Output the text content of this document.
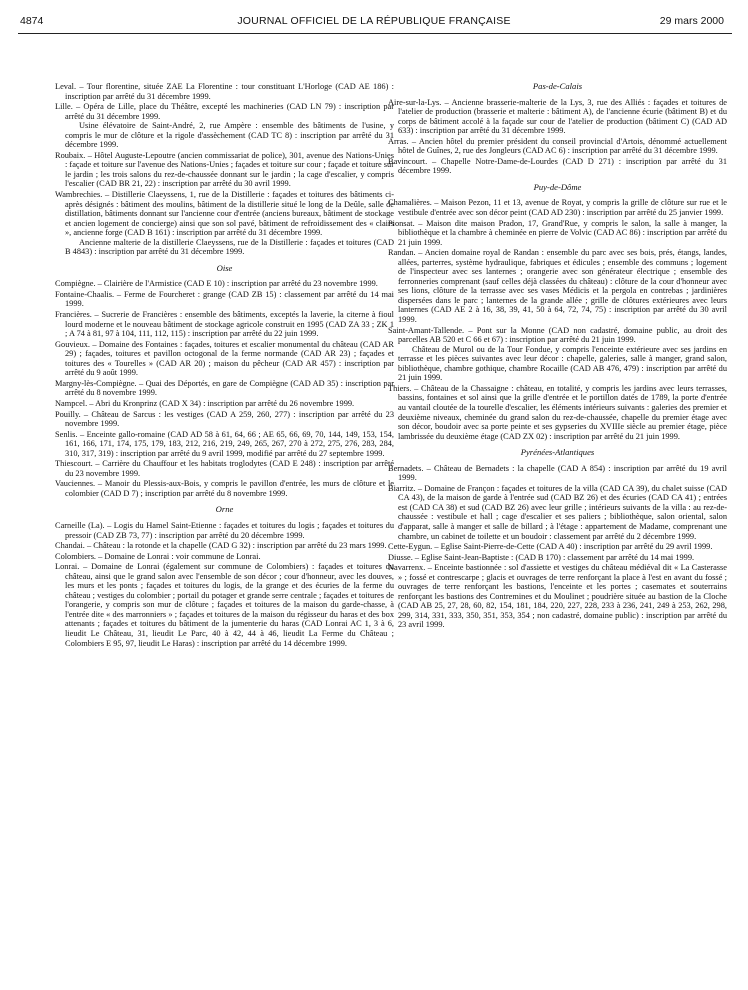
4874	JOURNAL OFFICIEL DE LA RÉPUBLIQUE FRANÇAISE	29 mars 2000

Leval. – Tour florentine, située ZAE La Florentine : tour constituant L'Horloge (CAD AE 186) : inscription par arrêté du 31 décembre 1999.

Lille. – Opéra de Lille, place du Théâtre, excepté les machineries (CAD LN 79) : inscription par arrêté du 31 décembre 1999.

Usine élévatoire de Saint-André, 2, rue Ampère : ensemble des bâtiments de l'usine, y compris le mur de clôture et la rigole d'assèchement (CAD TC 8) : inscription par arrêté du 31 décembre 1999.

Roubaix. – Hôtel Auguste-Lepoutre (ancien commissariat de police), 301, avenue des Nations-Unies : façade et toiture sur l'avenue des Nations-Unies ; façades et toiture sur cour ; façade et toiture sur le jardin ; les trois salons du rez-de-chaussée donnant sur le jardin ; la cage d'escalier, y compris l'escalier (CAD BR 21, 22) : inscription par arrêté du 30 avril 1999.

Wambrechies. – Distillerie Claeyssens, 1, rue de la Distillerie : façades et toitures des bâtiments ci-après désignés : bâtiment des moulins, bâtiment de la distillerie situé le long de la Deûle, salle de distillation, bâtiments donnant sur l'ancienne cour d'entrée (anciens bureaux, bâtiment de stockage et ancien logement de concierge) ainsi que son sol pavé, bâtiment de refroidissement des « clairs », ancienne forge (CAD B 161) : inscription par arrêté du 31 décembre 1999.

Ancienne malterie de la distillerie Claeyssens, rue de la Distillerie : façades et toitures (CAD B 4843) : inscription par arrêté du 31 décembre 1999.

Oise

Compiègne. – Clairière de l'Armistice (CAD E 10) : inscription par arrêté du 23 novembre 1999.

Fontaine-Chaalis. – Ferme de Fourcheret : grange (CAD ZB 15) : classement par arrêté du 14 mai 1999.

Francières. – Sucrerie de Francières : ensemble des bâtiments, exceptés la laverie, la citerne à fioul lourd moderne et le nouveau bâtiment de stockage agricole construit en 1995 (CAD ZA 33 ; ZK 1 ; A 74 à 81, 97 à 104, 111, 112, 115) : inscription par arrêté du 22 juin 1999.

Gouvieux. – Domaine des Fontaines : façades, toitures et escalier monumental du château (CAD AR 29) ; façades, toitures et pavillon octogonal de la ferme normande (CAD AR 23) ; façades et toitures des « Tourelles » (CAD AR 20) ; maison du pêcheur (CAD AR 457) : inscription par arrêté du 9 août 1999.

Margny-lès-Compiègne. – Quai des Déportés, en gare de Compiègne (CAD AD 35) : inscription par arrêté du 8 novembre 1999.

Nampcel. – Abri du Kronprinz (CAD X 34) : inscription par arrêté du 26 novembre 1999.

Pouilly. – Château de Sarcus : les vestiges (CAD A 259, 260, 277) : inscription par arrêté du 23 novembre 1999.

Senlis. – Enceinte gallo-romaine (CAD AD 58 à 61, 64, 66 ; AE 65, 66, 69, 70, 144, 149, 153, 154, 161, 166, 171, 174, 175, 179, 183, 212, 216, 219, 249, 265, 267, 270 à 272, 275, 276, 283, 284, 310, 317, 319) : inscription par arrêté du 9 avril 1999, modifié par arrêté du 27 septembre 1999.

Thiescourt. – Carrière du Chauffour et les habitats troglodytes (CAD E 248) : inscription par arrêté du 23 novembre 1999.

Vauciennes. – Manoir du Plessis-aux-Bois, y compris le pavillon d'entrée, les murs de clôture et le colombier (CAD D 7) ; inscription par arrêté du 8 novembre 1999.

Orne

Carneille (La). – Logis du Hamel Saint-Etienne : façades et toitures du logis ; façades et toitures du pressoir (CAD ZB 73, 77) : inscription par arrêté du 20 décembre 1999.

Chandai. – Château : la rotonde et la chapelle (CAD G 32) : inscription par arrêté du 23 mars 1999.

Colombiers. – Domaine de Lonrai : voir commune de Lonrai.

Lonrai. – Domaine de Lonrai (également sur commune de Colombiers) : façades et toitures du château, ainsi que le grand salon avec l'ensemble de son décor ; cour d'honneur, avec les douves, les murs et les ponts ; façades et toitures du logis, de la grange et des écuries de la ferme du château ; vestiges du colombier ; portail du potager et grande serre centrale ; façades et toitures de l'orangerie, y compris son mur de clôture ; façades et toitures de la maison du garde-chasse, à l'entrée dite « des marronniers » ; façades et toitures de la maison du régisseur du haras et des box attenants ; façades et toitures du bâtiment de la jumenterie du haras (CAD Lonrai AC 1, 3 à 6, lieudit Le Château, 31, lieudit Le Parc, 40 à 42, 44 à 46, lieudit La Ferme du Château ; Colombiers E 95, 97, lieudit Le Haras) : inscription par arrêté du 14 décembre 1999.

Pas-de-Calais

Aire-sur-la-Lys. – Ancienne brasserie-malterie de la Lys, 3, rue des Alliés : façades et toitures de l'atelier de production (brasserie et malterie : bâtiment A), de l'ancienne écurie (bâtiment B) et du corps de bâtiment accolé à la façade sur cour de l'atelier de production (bâtiment C) (CAD AD 633) : inscription par arrêté du 31 décembre 1999.

Arras. – Ancien hôtel du premier président du conseil provincial d'Artois, dénommé actuellement hôtel de Guînes, 2, rue des Jongleurs (CAD AC 6) : inscription par arrêté du 31 décembre 1999.

Bavincourt. – Chapelle Notre-Dame-de-Lourdes (CAD D 271) : inscription par arrêté du 31 décembre 1999.

Puy-de-Dôme

Chamalières. – Maison Pezon, 11 et 13, avenue de Royat, y compris la grille de clôture sur rue et le vestibule d'entrée avec son décor peint (CAD AD 230) : inscription par arrêté du 25 janvier 1999.

Pionsat. – Maison dite maison Pradon, 17, Grand'Rue, y compris le salon, la salle à manger, la bibliothèque et la chambre à cheminée en pierre de Volvic (CAD AC 86) : inscription par arrêté du 21 juin 1999.

Randan. – Ancien domaine royal de Randan : ensemble du parc avec ses bois, prés, étangs, landes, allées, parterres, système hydraulique, fabriques et édicules ; ensemble des communs ; logement de l'inspecteur avec ses lanternes ; orangerie avec son générateur électrique ; ensemble des ferronneries comprenant (sauf celles déjà classées du château) : clôture de la cour d'honneur avec ses lions, clôture de la terrasse avec ses vases Médicis et la pergola en contrebas ; jardinières dispersées dans le parc ; lanternes de la grande allée ; grille de clôtures extérieures avec leurs lanternes (CAD AE 2 à 16, 38, 39, 41, 50 à 64, 72, 74, 75) : inscription par arrêté du 30 avril 1999.

Saint-Amant-Tallende. – Pont sur la Monne (CAD non cadastré, domaine public, au droit des parcelles AB 520 et C 66 et 67) : inscription par arrêté du 21 juin 1999.

Château de Murol ou de la Tour Fondue, y compris l'enceinte extérieure avec ses jardins en terrasse et les pièces suivantes avec leur décor : chapelle, galeries, salle à manger, grand salon, bibliothèque, chambre gothique, chambre Rocaille (CAD AB 476, 479) : inscription par arrêté du 21 juin 1999.

Thiers. – Château de la Chassaigne : château, en totalité, y compris les jardins avec leurs terrasses, bassins, fontaines et sol ainsi que la grille d'entrée et le portillon datés de 1789, la porte d'entrée au vantail cloutée de la tourelle d'escalier, les éléments intérieurs suivants : galeries des premier et deuxième niveaux, cheminée du grand salon du rez-de-chaussée, chapelle du premier étage avec son décor, boudoir avec sa porte peinte et ses gypseries du XVIIIe siècle au premier étage, pièce lambrissée du deuxième étage (CAD ZX 02) : inscription par arrêté du 21 juin 1999.

Pyrénées-Atlantiques

Bernadets. – Château de Bernadets : la chapelle (CAD A 854) : inscription par arrêté du 19 avril 1999.

Biarritz. – Domaine de Françon : façades et toitures de la villa (CAD CA 39), du chalet suisse (CAD CA 43), de la maison de garde à l'entrée sud (CAD BZ 26) et des écuries (CAD CA 41) ; entrées est (CAD CA 38) et sud (CAD BZ 26) avec leur grille ; intérieurs suivants de la villa : au rez-de-chaussée : vestibule et hall ; cage d'escalier et ses paliers ; bibliothèque, salon oriental, salon d'apparat, salle à manger et salle de billard ; à l'étage : appartement de Madame, comprenant une chambre, un cabinet de toilette et un boudoir : classement par arrêté du 2 décembre 1999.

Cette-Eygun. – Eglise Saint-Pierre-de-Cette (CAD A 40) : inscription par arrêté du 29 avril 1999.

Diusse. – Eglise Saint-Jean-Baptiste : (CAD B 170) : classement par arrêté du 14 mai 1999.

Navarrenx. – Enceinte bastionnée : sol d'assiette et vestiges du château médiéval dit « La Casterasse » ; fossé et contrescarpe ; glacis et ouvrages de terre renforçant la place à l'est en avant du fossé ; ouvrages de terre renforçant les bastions, l'enceinte et les portes ; casemates et souterrains renforçant les bastions des Contremines et du Moulinet ; poudrière située au bastion de la Cloche (CAD AB 25, 27, 28, 60, 82, 154, 181, 184, 220, 227, 228, 233 à 236, 241, 249 à 253, 262, 298, 299, 314, 331, 333, 350, 351, 353, 354 ; non cadastré, domaine public) : inscription par arrêté du 23 avril 1999.
